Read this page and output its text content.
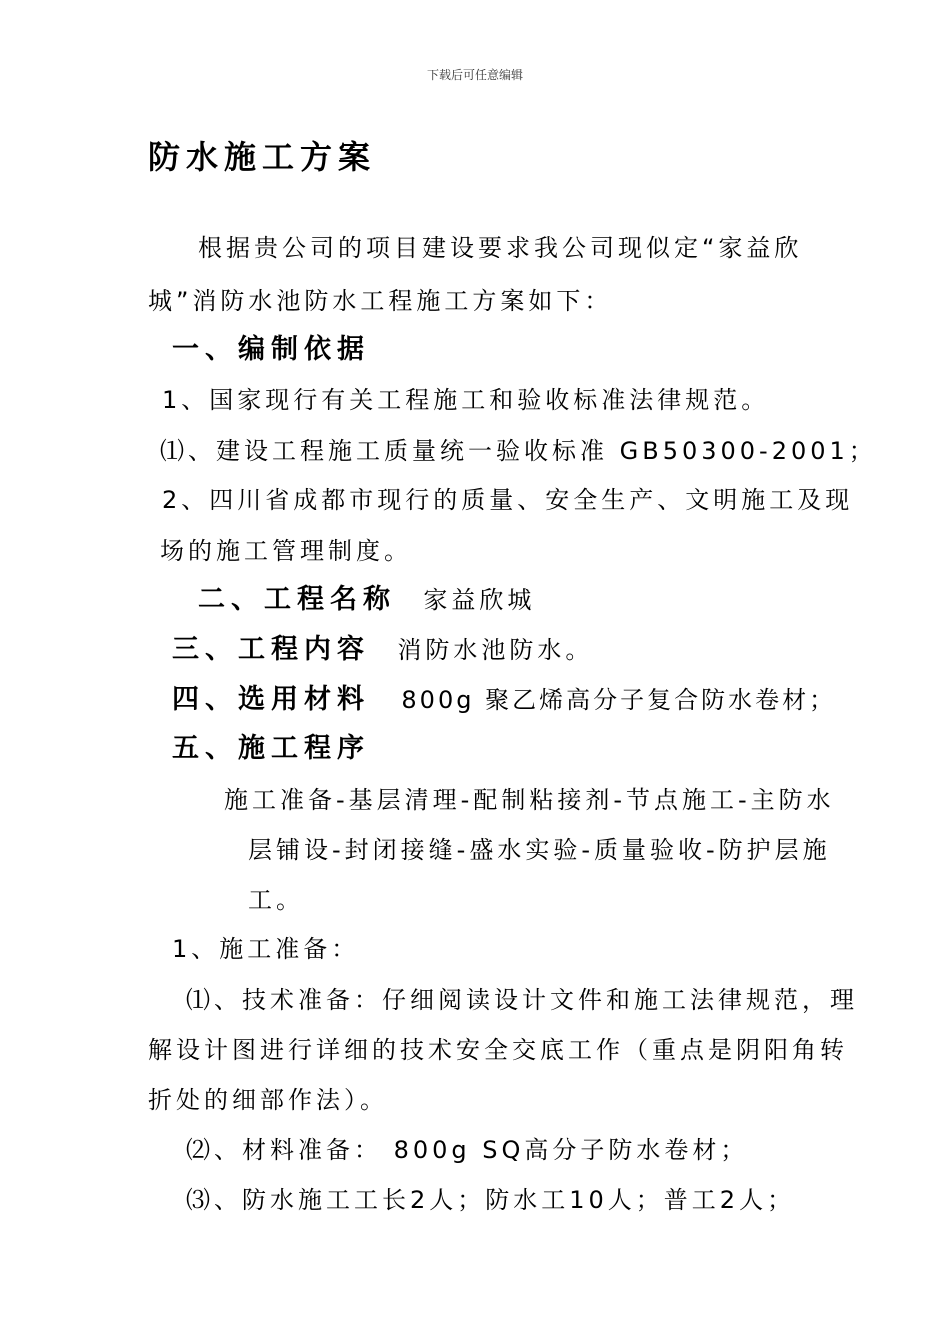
下载后可任意编辑
防水施工方案
根据贵公司的项目建设要求我公司现似定“家益欣
城”消防水池防水工程施工方案如下：
一、编制依据
1、国家现行有关工程施工和验收标准法律规范。
⑴、建设工程施工质量统一验收标准 GB50300-2001；
2、四川省成都市现行的质量、安全生产、文明施工及现
场的施工管理制度。
二、工程名称 家益欣城
三、工程内容 消防水池防水。
四、选用材料 800g 聚乙烯高分子复合防水卷材；
五、施工程序
施工准备-基层清理-配制粘接剂-节点施工-主防水
层铺设-封闭接缝-盛水实验-质量验收-防护层施
工。
1、施工准备：
⑴、技术准备：仔细阅读设计文件和施工法律规范，理
解设计图进行详细的技术安全交底工作（重点是阴阳角转
折处的细部作法）。
⑵、材料准备： 800g SQ高分子防水卷材；
⑶、防水施工工长2人；防水工10人；普工2人；
